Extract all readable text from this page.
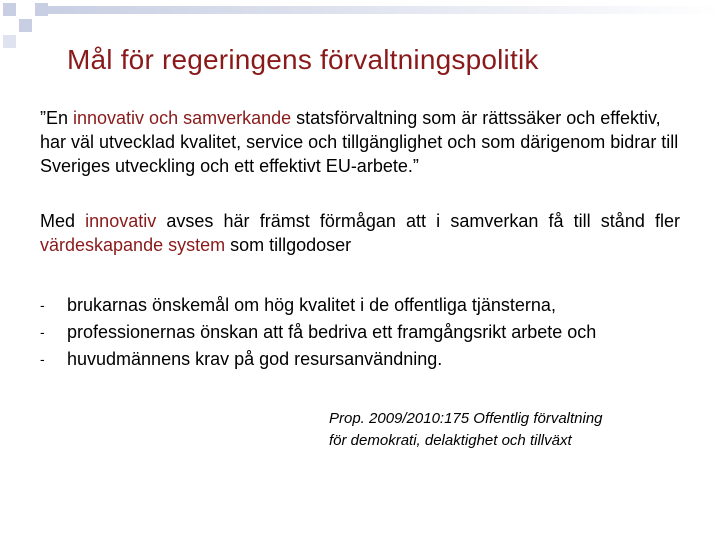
Mål för regeringens förvaltningspolitik

”En innovativ och samverkande statsförvaltning som är rättssäker och effektiv, har väl utvecklad kvalitet, service och tillgänglighet och som därigenom bidrar till Sveriges utveckling och ett effektivt EU-arbete.”

Med innovativ avses här främst förmågan att i samverkan få till stånd fler värdeskapande system som tillgodoser

- brukarnas önskemål om hög kvalitet i de offentliga tjänsterna,
- professionernas önskan att få bedriva ett framgångsrikt arbete och
- huvudmännens krav på god resursanvändning.

Prop. 2009/2010:175 Offentlig förvaltning
för demokrati, delaktighet och tillväxt
